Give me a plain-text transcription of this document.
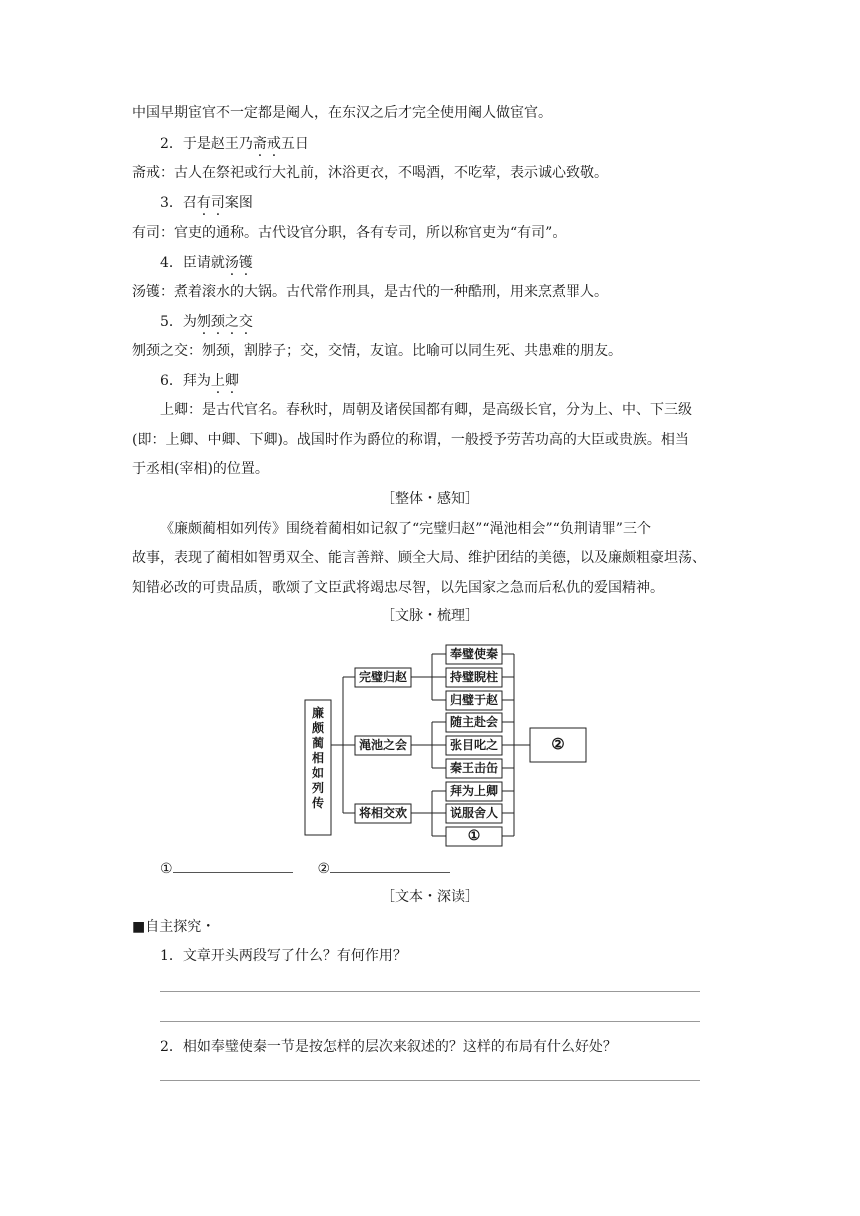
中国早期宦官不一定都是阉人，在东汉之后才完全使用阉人做宦官。
2．于是赵王乃斋戒五日
斋戒：古人在祭祀或行大礼前，沐浴更衣，不喝酒，不吃荤，表示诚心致敬。
3．召有司案图
有司：官吏的通称。古代设官分职，各有专司，所以称官吏为“有司”。
4．臣请就汤镬
汤镬：煮着滚水的大锅。古代常作刑具，是古代的一种酷刑，用来烹煮罪人。
5．为刎颈之交
刎颈之交：刎颈，割脖子；交，交情，友谊。比喻可以同生死、共患难的朋友。
6．拜为上卿
上卿：是古代官名。春秋时，周朝及诸侯国都有卿，是高级长官，分为上、中、下三级
(即：上卿、中卿、下卿)。战国时作为爵位的称谓，一般授予劳苦功高的大臣或贵族。相当
于丞相(宰相)的位置。
［整体・感知］
《廉颇蔺相如列传》围绕着蔺相如记叙了“完璧归赵”“渑池相会”“负荆请罪”三个
故事，表现了蔺相如智勇双全、能言善辩、顾全大局、维护团结的美德，以及廉颇粗豪坦荡、
知错必改的可贵品质，歌颂了文臣武将竭忠尽智，以先国家之急而后私仇的爱国精神。
［文脉・梳理］
廉颇蔺相如列传
完璧归赵
渑池之会
将相交欢
奉璧使秦
持璧睨柱
归璧于赵
随主赴会
张目叱之
秦王击缶
拜为上卿
说服舍人
①
②
①	②
［文本・深读］
■自主探究・
1．文章开头两段写了什么？有何作用？
2．相如奉璧使秦一节是按怎样的层次来叙述的？这样的布局有什么好处？
